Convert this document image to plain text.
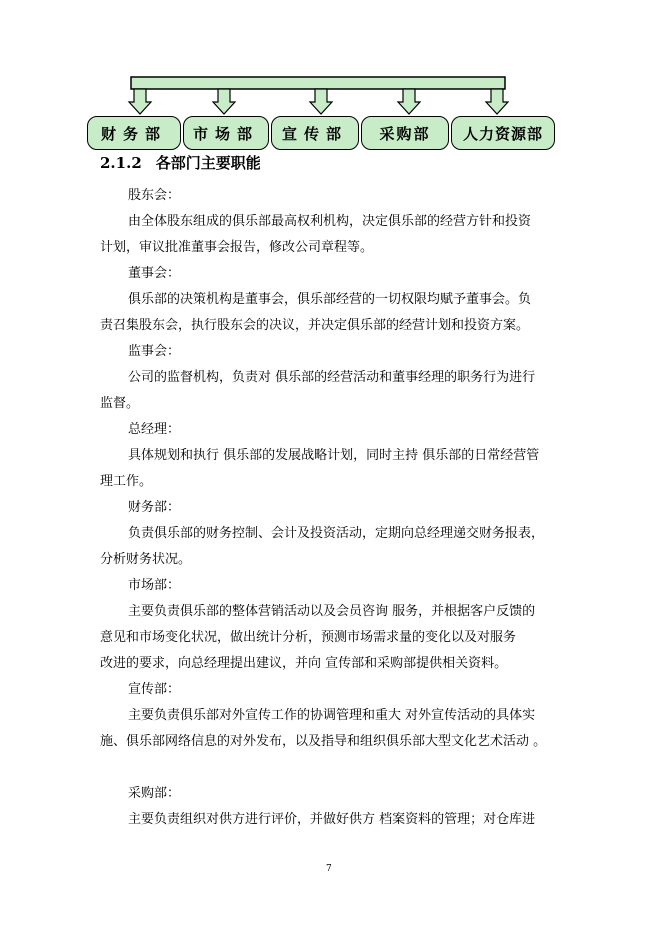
财务部	市场部	宣传部	采购部	人力资源部
2.1.2 各部门主要职能
股东会：
由全体股东组成的俱乐部最高权利机构，决定俱乐部的经营方针和投资
计划，审议批准董事会报告，修改公司章程等。
董事会：
俱乐部的决策机构是董事会，俱乐部经营的一切权限均赋予董事会。负
责召集股东会，执行股东会的决议，并决定俱乐部的经营计划和投资方案。
监事会：
公司的监督机构，负责对 俱乐部的经营活动和董事经理的职务行为进行
监督。
总经理：
具体规划和执行 俱乐部的发展战略计划，同时主持 俱乐部的日常经营管
理工作。
财务部：
负责俱乐部的财务控制、会计及投资活动，定期向总经理递交财务报表，
分析财务状况。
市场部：
主要负责俱乐部的整体营销活动以及会员咨询 服务，并根据客户反馈的
意见和市场变化状况，做出统计分析，预测市场需求量的变化以及对服务
改进的要求，向总经理提出建议，并向 宣传部和采购部提供相关资料。
宣传部：
主要负责俱乐部对外宣传工作的协调管理和重大 对外宣传活动的具体实
施、俱乐部网络信息的对外发布，以及指导和组织俱乐部大型文化艺术活动 。
采购部：
主要负责组织对供方进行评价，并做好供方 档案资料的管理；对仓库进
7
